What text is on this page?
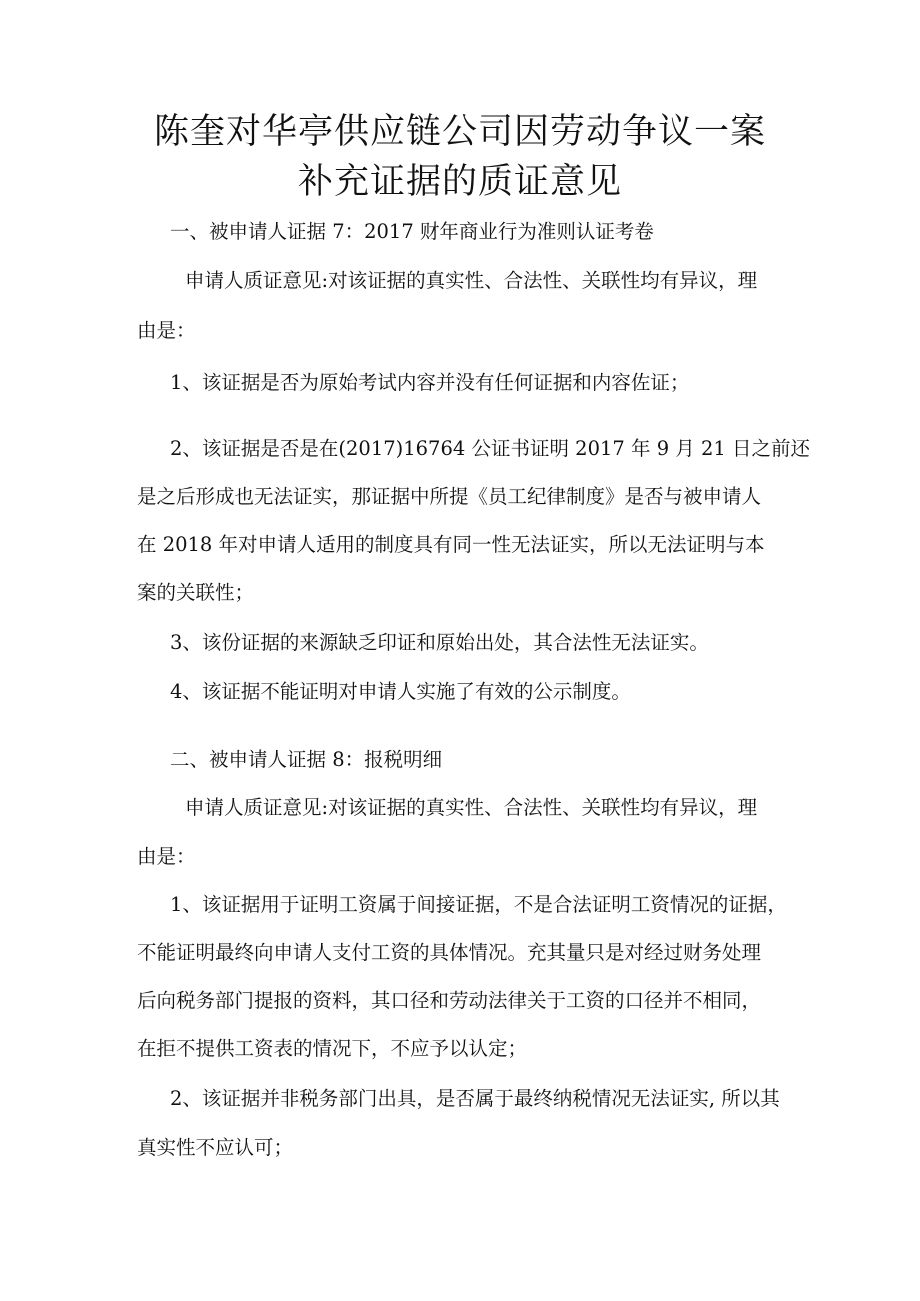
陈奎对华亭供应链公司因劳动争议一案
补充证据的质证意见
一、被申请人证据 7：2017 财年商业行为准则认证考卷
申请人质证意见:对该证据的真实性、合法性、关联性均有异议，理
由是：
1、该证据是否为原始考试内容并没有任何证据和内容佐证；
2、该证据是否是在(2017)16764 公证书证明 2017 年 9 月 21 日之前还
是之后形成也无法证实，那证据中所提《员工纪律制度》是否与被申请人
在 2018 年对申请人适用的制度具有同一性无法证实，所以无法证明与本
案的关联性；
3、该份证据的来源缺乏印证和原始出处，其合法性无法证实。
4、该证据不能证明对申请人实施了有效的公示制度。
二、被申请人证据 8：报税明细
申请人质证意见:对该证据的真实性、合法性、关联性均有异议，理
由是：
1、该证据用于证明工资属于间接证据，不是合法证明工资情况的证据，
不能证明最终向申请人支付工资的具体情况。充其量只是对经过财务处理
后向税务部门提报的资料，其口径和劳动法律关于工资的口径并不相同，
在拒不提供工资表的情况下，不应予以认定；
2、该证据并非税务部门出具，是否属于最终纳税情况无法证实, 所以其
真实性不应认可；
